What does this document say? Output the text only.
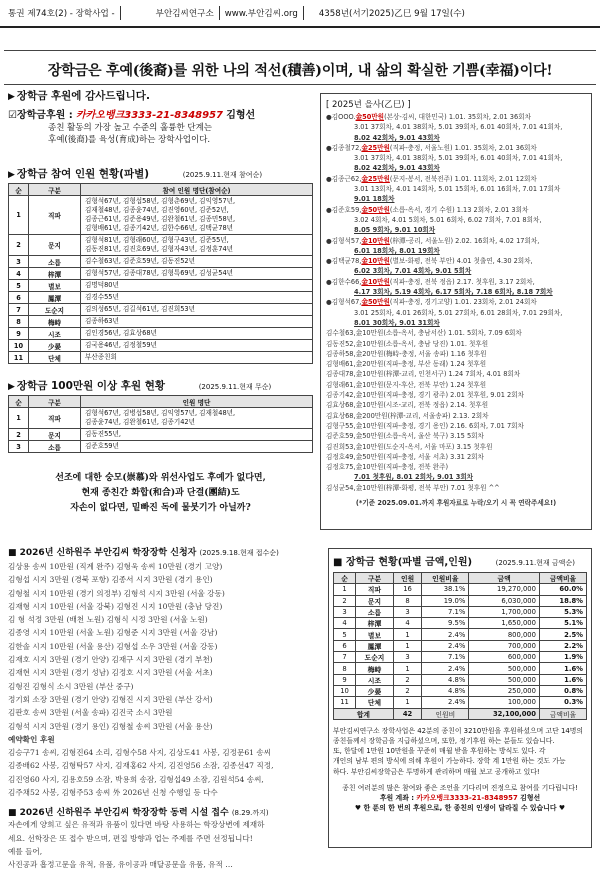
통권 제74호(2) - 장학사업 -	부안김씨연구소 www.부안김씨.org 4358년(서기2025)乙巳 9월 17일(수)
장학금은 후예(後裔)를 위한 나의 적선(積善)이며, 내 삶의 확실한 기쁨(幸福)이다!
▶ 장학금 후원에 감사드립니다.
☑장학금후원 : 카카오뱅크3333-21-8348957 김형선
종친 활동의 가장 높고 수준의 훌륭한 단계는
후예(後裔)를 육성(育成)하는 장학사업이다.
▶ 장학금 참여 인원 현황(파별)	(2025.9.11.현재 참여순)
순	구분	참여 인원 명단(참여순)
1	직파	김형석67년, 김형섭58년, 김형춘69년, 김익영57년,
김재철48년, 김종윤74년, 김진영60년, 김준52년,
김종근61년, 김준용49년, 김완철61년, 김종민58년,
김형배61년, 김종기42년, 김한수66년, 김택균78년

2	문지	김형석81년, 김형래60년, 김형구43년, 김준55년,
김동진81년, 김진호69년, 김형자43년, 김정훈74년

3	소릅	김수철63년, 김준호59년, 김동진52년

4	梓潭	김형석57년, 김종대78년, 김형특69년, 김성균54년

5	별보	김명덕80년

6	鳳潭	김경수55년

7	도순지	김의성65년, 김길석61년, 김진희53년

8	梅峙	김종하63년

9	시조	김인경56년, 김효상68년

10	少晏	김국용46년, 김정철59년

11	단체	부산종친회
▶ 장학금 100만원 이상 후원 현황	(2025.9.11.현재 무순)
순	구분	인원 명단
1	직파	김형석67년, 김병섭58년, 김익영57년, 김재철48년,
김종윤74년, 김완철61년, 김종기42년

2	문지	김동진55년,

3	소릅	김준호59년
선조에 대한 숭모(崇慕)와 위선사업도 후예가 없다면,
현재 종친간 화합(和合)과 단결(團結)도
자손이 없다면, 밑빠진 독에 물붓기가 아닐까?
[ 2025년 을사(乙巳) ]
●김OOO.金50만원(본상-김씨, 대한민국) 1.01. 35회차, 2.01 36회차
3.01 37회차, 4.01 38회차, 5.01 39회차, 6.01 40회차, 7.01 41회차,
8.02 42회차, 9.01 43회차
●김종철72,金25만원(직파-충정, 서울노원) 1.01. 35회차, 2.01 36회차
3.01 37회차, 4.01 38회차, 5.01 39회차, 6.01 40회차, 7.01 41회차,
8.02 42회차, 9.01 43회차
●김종근62,金25만원(문지-봉서, 전북전주) 1.01. 11회차, 2.01 12회차
3.01 13회차, 4.01 14회차, 5.01 15회차, 6.01 16회차, 7.01 17회차
9.01 18회차
●김준호59,金50만원(소릅-옥서, 경기 수원) 1.13 2회차, 2.01 3회차
3.02 4회차, 4.01 5회차, 5.01 6회차, 6.02 7회차, 7.01 8회차,
8.05 9회차, 9.01 10회차
●김형석57,金10만원(梓潭-공리, 서울노원) 2.02. 16회차, 4.02 17회차,
6.01 18회차, 8.01 19회차
●김택균78,金10만원(별보-화평, 전북 부안) 4.01 첫출연, 4.30 2회차,
6.02 3회차, 7.01 4회차, 9.01 5회차
●김한수66,金10만원(직파-충정, 전북 정읍) 2.17. 첫후원, 3.17 2회차,
4.17 3회차, 5.19 4회차, 6.17 5회차, 7.18 6회차, 8.18 7회차
●김형석67,金50만원(직파-충정, 경기고양) 1.01. 23회차, 2.01 24회차
3.01 25회차, 4.01 26회차, 5.01 27회차, 6.01 28회차, 7.01 29회차,
8.01 30회차, 9.01 31회차
김수철63,金10만원(소릅-옥서, 충남서산) 1.01. 5회차, 7.09 6회차
김동진52,金10만원(소릅-옥서, 충남 당진) 1.01. 첫후원
김종하58,金20만원(梅峙-충정, 서울 송파) 1.16 첫후원
김형배61,金20만원(직파-충정, 부산 동래) 1.24 첫후원
김종대78,金10만원(梓潭-교리, 인천서구) 1.24 7회차, 4.01 8회차
김형래61,金10만원(문지-후산, 전북 부안) 1.24 첫후원
김종기42,金10만원(직파-충정, 경기 광주) 2.01 첫후원, 9.01 2회차
김효상68,金10만원(시조-교리, 전북 정읍) 2.14. 첫후원
김효상68,金200만원(梓潭-교리, 서울송파) 2.13. 2회차
김형구55,金10만원(직파-충정, 경기 용인) 2.16. 6회차, 7.01 7회차
김준호59,金50만원(소릅-옥서, 울산 북구) 3.15 5회차
김진희53,金10만원(도순지-옥서, 서울 마포) 3.15 첫후원
김정호49,金50만원(직파-충정, 서울 서초) 3.31 2회차
김정호75,金10만원(직파-충정, 전북 완주)
7.01 첫후원, 8.01 2회차, 9.01 3회차
김성균54,金10만원(梓潭-화평, 전북 부안) 7.01 첫후원 ^^
(*기준 2025.09.01.까지 후원자료로 누락/오기 시 꼭 연락주세요!)
■ 2026년 신하원주 부안김씨 학장장학 신청자 (2025.9.18.현재 접수순)
김상용 송씨 10만원 (직계 완주) 김형욱 송씨 10만원 (경기 고양)
김형섭 시지 3만원 (경북 포항) 김종서 시지 3만원 (경기 용인)
김형철 시지 10만원 (경기 의정부) 김형석 시지 3만원 (서울 강동)
김재형 시지 10만원 (서울 강북) 김형진 시지 10만원 (충남 당진)
김 형 석정 3만원 (배천 노원) 김형식 시정 3만원 (서울 노원)
김종영 시지 10만원 (서울 노원) 김형준 시지 3만원 (서울 강남)
김한솔 시지 10만원 (서울 용산) 김형섭 소우 3만원 (서울 강동)
김재호 시지 3만원 (경기 안양) 김재구 시지 3만원 (경기 부천)
김재현 시지 3만원 (경기 성남) 김정호 시지 3만원 (서울 서초)
김형진 김형식 소시 3만원 (부산 중구)
정기회 소장 3만원 (경기 안양) 김형진 시지 3만원 (부산 강서)
김판호 송씨 3만원 (서울 송파) 김진국 소시 3만원
김형석 시지 3만원 (경기 용인) 김형철 송씨 3만원 (서울 용산)
예약확인 후원
김승구71 송씨, 김형진64 소리, 김형수58 사지, 김상도41 사봉, 김정문61 송씨
김종배62 사봉, 김형탁57 사지, 김재홍62 사지, 김진영56 소잠, 김종선47 직정,
김진영60 사지, 김용호59 소잠, 박용희 송잠, 김형섭49 소잠, 김원석54 송씨,
김주채52 사봉, 김형주53 송씨 外 2026년 신청 수행일 등 다수
■ 2026년 신하원주 부안김씨 학장장학 동력 시설 접수 (8.29.까지)
자손에게 양희고 싶은 유적과 유품이 있다면 바탕 사용하는 학장상변에 제재하
세요. 선학장은 또 접수 받으며, 편집 방향과 업는 주제를 주면 선정됩니다!
예를 들어,
사진공과 흡정고문을 유적, 유품, 유이공과 매달공문을 유품, 유적 …
■ 장학금 현황(파별 금액,인원)	(2025.9.11.현재 금액순)
순	구분	인원	인원비율	금액	금액비율
1	직파	16	38.1%	19,270,000	60.0%
2	문지	8	19.0%	6,030,000	18.8%
3	소릅	3	7.1%	1,700,000	5.3%
4	梓潭	4	9.5%	1,650,000	5.1%
5	별보	1	2.4%	800,000	2.5%
6	鳳潭	1	2.4%	700,000	2.2%
7	도순지	3	7.1%	600,000	1.9%
8	梅峙	1	2.4%	500,000	1.6%
9	시조	2	4.8%	500,000	1.6%
10	少晏	2	4.8%	250,000	0.8%
11	단체	1	2.4%	100,000	0.3%
합계		42	인원비	32,100,000	금액비율
부안김씨연구소 장학사업은 42분의 종친이 3210만원을 후원하셨으며 고단 14명의
종친들께서 장학금을 지급하셨으며, 또한, 정기후원 하는 분들도 있습니다.
또, 한달에 1만원 10만원을 꾸준히 매월 받을 후원하는 방식도 있다. 각
개인의 남부 편의 방식에 의해 후원이 가능하다. 장학 계 1만원 하는 것도 가능
하다. 부안김씨장학금은 투명하게 관리하며 매월 보고 공개하고 있다!
종친 여러분의 많은 참여와 좋은 조언을 기다리며 진정으로 참여를 기다립니다!
후원 계좌 : 카카오뱅크3333-21-8348957 김형선
♥ 한 푼의 한 번의 후원으로, 한 종친의 인생이 달라질 수 있습니다 ♥
